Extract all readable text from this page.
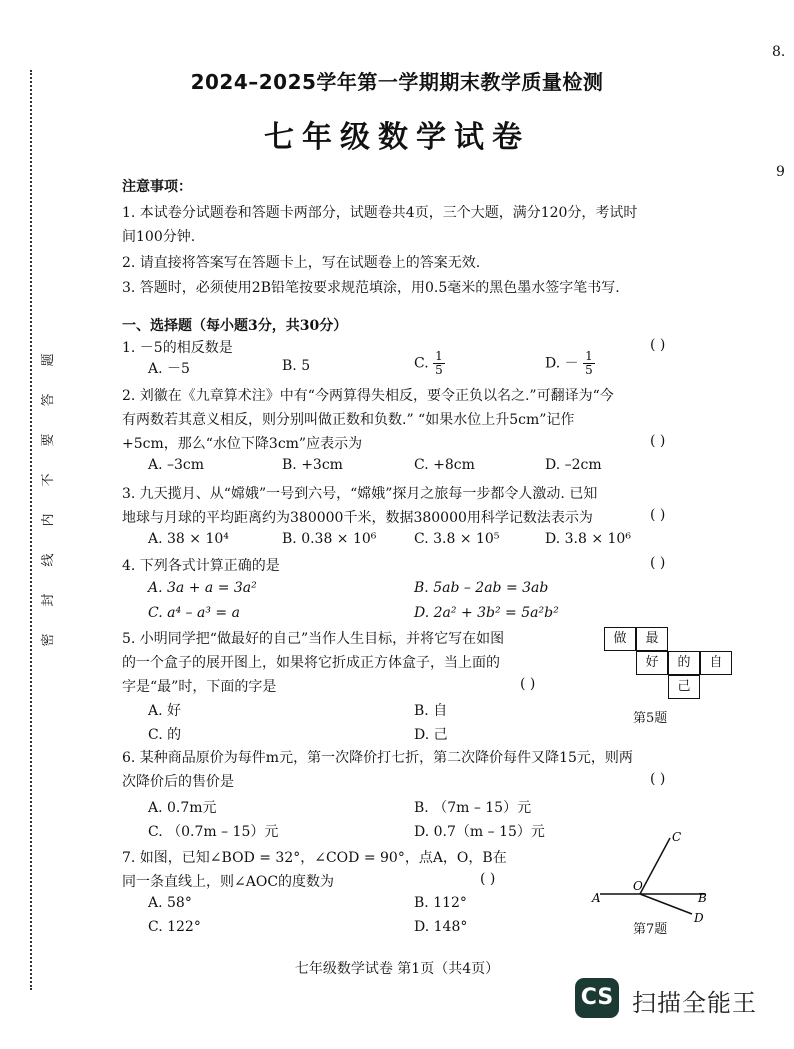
8.
9
题
答
要
不
内
线
封
密
2024–2025学年第一学期期末教学质量检测
七年级数学试卷
注意事项：
1. 本试卷分试题卷和答题卡两部分，试题卷共4页，三个大题，满分120分，考试时
间100分钟.
2. 请直接将答案写在答题卡上，写在试题卷上的答案无效.
3. 答题时，必须使用2B铅笔按要求规范填涂，用0.5毫米的黑色墨水签字笔书写.
一、选择题（每小题3分，共30分）
1. －5的相反数是	( )
A. －5	B. 5	C. $\frac{1}{5}$	D. － $\frac{1}{5}$
2. 刘徽在《九章算术注》中有“今两算得失相反，要令正负以名之.”可翻译为“今
有两数若其意义相反，则分别叫做正数和负数.” “如果水位上升5cm”记作
+5cm，那么“水位下降3cm”应表示为	( )
A. –3cm	B. +3cm	C. +8cm	D. –2cm
3. 九天揽月、从“嫦娥”一号到六号，“嫦娥”探月之旅每一步都令人激动. 已知
地球与月球的平均距离约为380000千米，数据380000用科学记数法表示为	( )
A. 38 × 10⁴	B. 0.38 × 10⁶	C. 3.8 × 10⁵	D. 3.8 × 10⁶
4. 下列各式计算正确的是	( )
A. 3a + a = 3a²	B. 5ab – 2ab = 3ab
C. a⁴ – a³ = a	D. 2a² + 3b² = 5a²b²
5. 小明同学把“做最好的自己”当作人生目标，并将它写在如图
的一个盒子的展开图上，如果将它折成正方体盒子，当上面的
字是“最”时，下面的字是	( )
A. 好	B. 自
C. 的	D. 己
做	最
好	的	自
己
第5题
6. 某种商品原价为每件m元，第一次降价打七折，第二次降价每件又降15元，则两
次降价后的售价是	( )
A. 0.7m元	B. （7m – 15）元
C. （0.7m – 15）元	D. 0.7（m – 15）元
7. 如图，已知∠BOD = 32°，∠COD = 90°，点A，O，B在
同一条直线上，则∠AOC的度数为	( )
A. 58°	B. 112°
C. 122°	D. 148°
A
O
B
C
D
第7题
七年级数学试卷 第1页（共4页）
CS 扫描全能王
